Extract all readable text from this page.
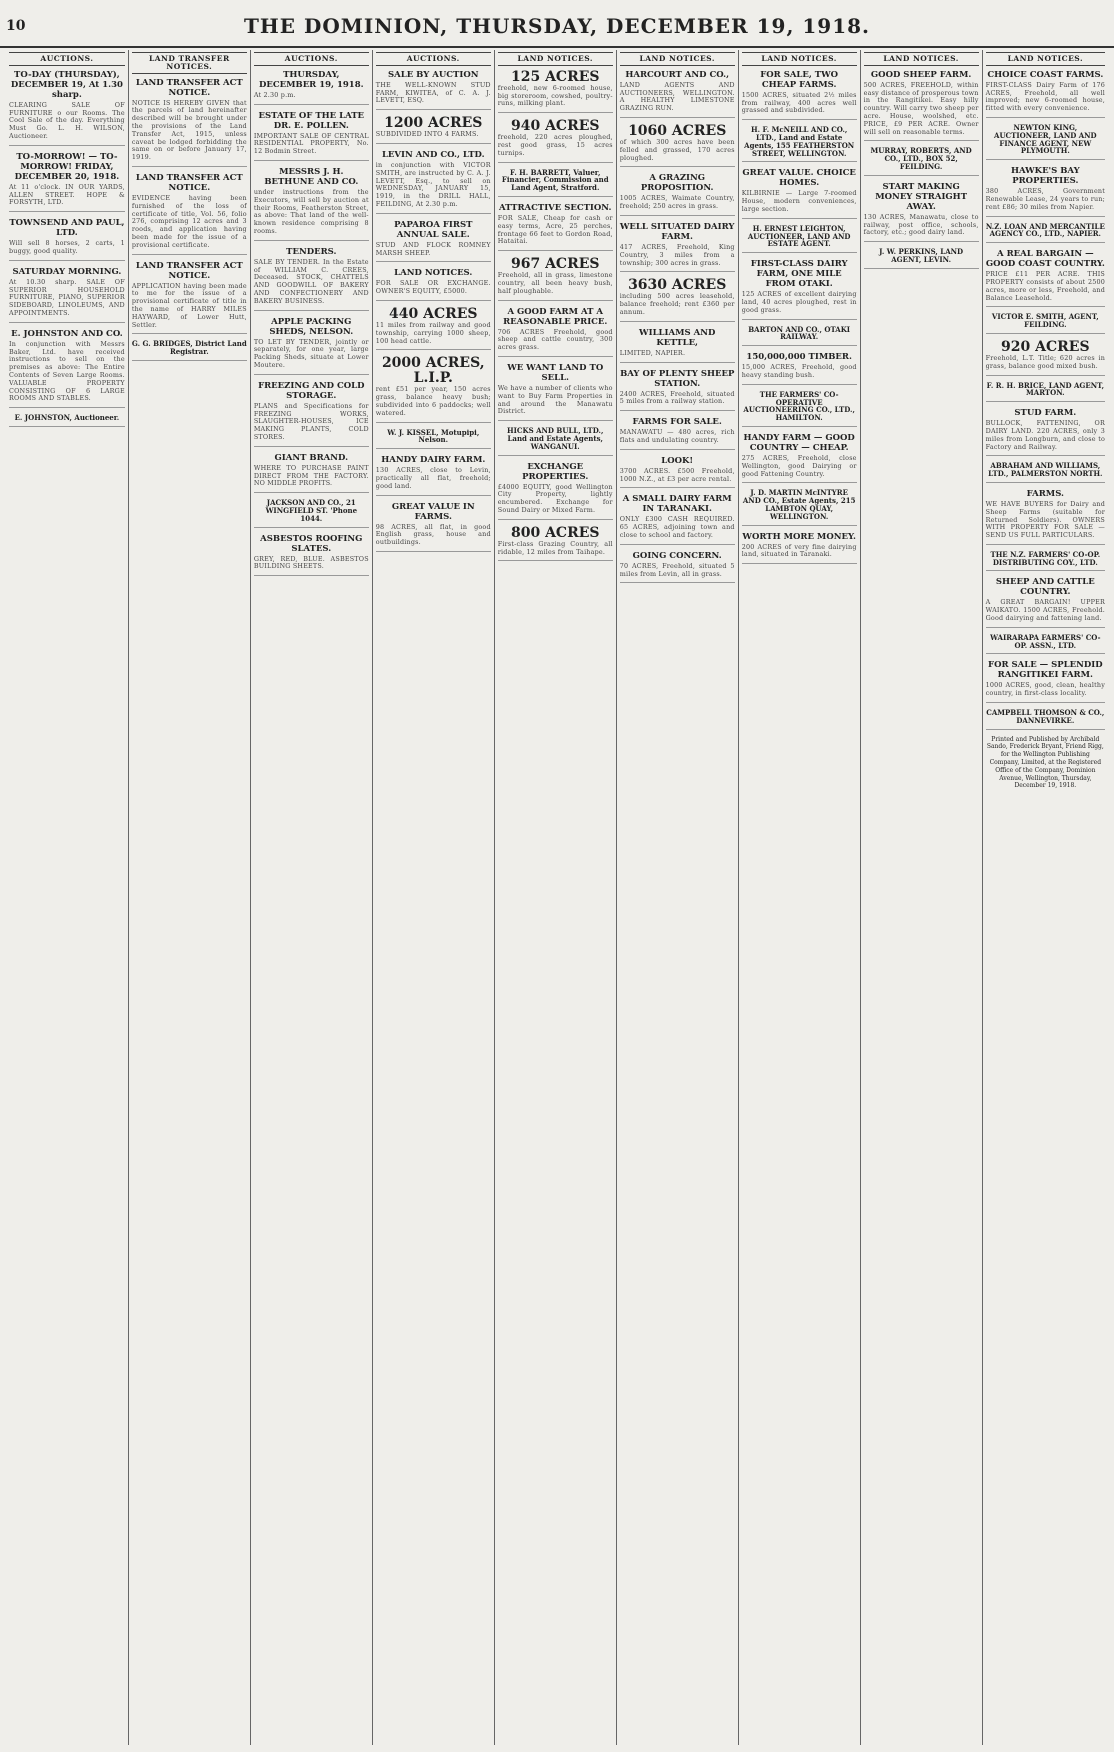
10	THE DOMINION, THURSDAY, DECEMBER 19, 1918.
AUCTIONS.
TO-DAY (THURSDAY), DECEMBER 19, At 1.30 sharp.
CLEARING SALE OF FURNITURE o our Rooms. The Cool Sale of the day. Everything Must Go. L. H. WILSON, Auctioneer.
TO-MORROW! — TO-MORROW! FRIDAY, DECEMBER 20, 1918.
At 11 o'clock. IN OUR YARDS, ALLEN STREET. HOPE & FORSYTH, LTD.
TOWNSEND AND PAUL, LTD.
Will sell 8 horses, 2 carts, 1 buggy, good quality.
SATURDAY MORNING.
At 10.30 sharp. SALE OF SUPERIOR HOUSEHOLD FURNITURE, PIANO, SUPERIOR SIDEBOARD, LINOLEUMS, AND APPOINTMENTS.
E. JOHNSTON AND CO.
In conjunction with Messrs Baker, Ltd. have received instructions to sell on the premises as above: The Entire Contents of Seven Large Rooms. VALUABLE PROPERTY CONSISTING OF 6 LARGE ROOMS AND STABLES.
E. JOHNSTON, Auctioneer.
LAND TRANSFER NOTICES.
LAND TRANSFER ACT NOTICE.
NOTICE IS HEREBY GIVEN that the parcels of land hereinafter described will be brought under the provisions of the Land Transfer Act, 1915, unless caveat be lodged forbidding the same on or before January 17, 1919.
LAND TRANSFER ACT NOTICE.
EVIDENCE having been furnished of the loss of certificate of title, Vol. 56, folio 276, comprising 12 acres and 3 roods, and application having been made for the issue of a provisional certificate.
LAND TRANSFER ACT NOTICE.
APPLICATION having been made to me for the issue of a provisional certificate of title in the name of HARRY MILES HAYWARD, of Lower Hutt, Settler.
G. G. BRIDGES, District Land Registrar.
AUCTIONS.
THURSDAY, DECEMBER 19, 1918.
At 2.30 p.m.
ESTATE OF THE LATE DR. E. POLLEN.
IMPORTANT SALE OF CENTRAL RESIDENTIAL PROPERTY, No. 12 Bodmin Street.
MESSRS J. H. BETHUNE AND CO.
under instructions from the Executors, will sell by auction at their Rooms, Featherston Street, as above: That land of the well-known residence comprising 8 rooms.
TENDERS.
SALE BY TENDER. In the Estate of WILLIAM C. CREES, Deceased. STOCK, CHATTELS AND GOODWILL OF BAKERY AND CONFECTIONERY AND BAKERY BUSINESS.
APPLE PACKING SHEDS, NELSON.
TO LET BY TENDER, jointly or separately, for one year, large Packing Sheds, situate at Lower Moutere.
FREEZING AND COLD STORAGE.
PLANS and Specifications for FREEZING WORKS, SLAUGHTER-HOUSES, ICE MAKING PLANTS, COLD STORES.
GIANT BRAND.
WHERE TO PURCHASE PAINT DIRECT FROM THE FACTORY. NO MIDDLE PROFITS.
JACKSON AND CO., 21 WINGFIELD ST. 'Phone 1044.
ASBESTOS ROOFING SLATES.
GREY, RED, BLUE. ASBESTOS BUILDING SHEETS.
AUCTIONS.
SALE BY AUCTION
THE WELL-KNOWN STUD FARM, KIWITEA, of C. A. J. LEVETT, ESQ.
1200 ACRES
SUBDIVIDED INTO 4 FARMS.
LEVIN AND CO., LTD.
in conjunction with VICTOR SMITH, are instructed by C. A. J. LEVETT, Esq., to sell on WEDNESDAY, JANUARY 15, 1919, in the DRILL HALL, FEILDING, At 2.30 p.m.
PAPAROA FIRST ANNUAL SALE.
STUD AND FLOCK ROMNEY MARSH SHEEP.
LAND NOTICES.
FOR SALE OR EXCHANGE. OWNER'S EQUITY, £5000.
440 ACRES
11 miles from railway and good township, carrying 1000 sheep, 100 head cattle.
2000 ACRES, L.I.P.
rent £51 per year, 150 acres grass, balance heavy bush; subdivided into 6 paddocks; well watered.
W. J. KISSEL, Motupipi, Nelson.
HANDY DAIRY FARM.
130 ACRES, close to Levin, practically all flat, freehold; good land.
GREAT VALUE IN FARMS.
98 ACRES, all flat, in good English grass, house and outbuildings.
LAND NOTICES.
125 ACRES
freehold, new 6-roomed house, big storeroom, cowshed, poultry-runs, milking plant.
940 ACRES
freehold, 220 acres ploughed, rest good grass, 15 acres turnips.
F. H. BARRETT, Valuer, Financier, Commission and Land Agent, Stratford.
ATTRACTIVE SECTION.
FOR SALE, Cheap for cash or easy terms, Acre, 25 perches, frontage 66 feet to Gordon Road, Hataitai.
967 ACRES
Freehold, all in grass, limestone country, all been heavy bush, half ploughable.
A GOOD FARM AT A REASONABLE PRICE.
706 ACRES Freehold, good sheep and cattle country, 300 acres grass.
WE WANT LAND TO SELL.
We have a number of clients who want to Buy Farm Properties in and around the Manawatu District.
HICKS AND BULL, LTD., Land and Estate Agents, WANGANUI.
EXCHANGE PROPERTIES.
£4000 EQUITY, good Wellington City Property, lightly encumbered. Exchange for Sound Dairy or Mixed Farm.
800 ACRES
First-class Grazing Country, all ridable, 12 miles from Taihape.
LAND NOTICES.
HARCOURT AND CO.,
LAND AGENTS AND AUCTIONEERS, WELLINGTON. A HEALTHY LIMESTONE GRAZING RUN.
1060 ACRES
of which 300 acres have been felled and grassed, 170 acres ploughed.
A GRAZING PROPOSITION.
1005 ACRES, Waimate Country, freehold; 250 acres in grass.
WELL SITUATED DAIRY FARM.
417 ACRES, Freehold, King Country, 3 miles from a township; 300 acres in grass.
3630 ACRES
including 500 acres leasehold, balance freehold; rent £360 per annum.
WILLIAMS AND KETTLE,
LIMITED, NAPIER.
BAY OF PLENTY SHEEP STATION.
2400 ACRES, Freehold, situated 5 miles from a railway station.
FARMS FOR SALE.
MANAWATU — 480 acres, rich flats and undulating country.
LOOK!
3700 ACRES. £500 Freehold, 1000 N.Z., at £3 per acre rental.
A SMALL DAIRY FARM IN TARANAKI.
ONLY £300 CASH REQUIRED. 65 ACRES, adjoining town and close to school and factory.
GOING CONCERN.
70 ACRES, Freehold, situated 5 miles from Levin, all in grass.
LAND NOTICES.
FOR SALE, TWO CHEAP FARMS.
1500 ACRES, situated 2½ miles from railway, 400 acres well grassed and subdivided.
H. F. McNEILL AND CO., LTD., Land and Estate Agents, 155 FEATHERSTON STREET, WELLINGTON.
GREAT VALUE. CHOICE HOMES.
KILBIRNIE — Large 7-roomed House, modern conveniences, large section.
H. ERNEST LEIGHTON, AUCTIONEER, LAND AND ESTATE AGENT.
FIRST-CLASS DAIRY FARM, ONE MILE FROM OTAKI.
125 ACRES of excellent dairying land, 40 acres ploughed, rest in good grass.
BARTON AND CO., OTAKI RAILWAY.
150,000,000 TIMBER.
15,000 ACRES, Freehold, good heavy standing bush.
THE FARMERS' CO-OPERATIVE AUCTIONEERING CO., LTD., HAMILTON.
HANDY FARM — GOOD COUNTRY — CHEAP.
275 ACRES, Freehold, close Wellington, good Dairying or good Fattening Country.
J. D. MARTIN McINTYRE AND CO., Estate Agents, 215 LAMBTON QUAY, WELLINGTON.
WORTH MORE MONEY.
200 ACRES of very fine dairying land, situated in Taranaki.
LAND NOTICES.
GOOD SHEEP FARM.
500 ACRES, FREEHOLD, within easy distance of prosperous town in the Rangitikei. Easy hilly country. Will carry two sheep per acre. House, woolshed, etc. PRICE, £9 PER ACRE. Owner will sell on reasonable terms.
MURRAY, ROBERTS, AND CO., LTD., BOX 52, FEILDING.
START MAKING MONEY STRAIGHT AWAY.
130 ACRES, Manawatu, close to railway, post office, schools, factory, etc.; good dairy land.
J. W. PERKINS, LAND AGENT, LEVIN.
LAND NOTICES.
CHOICE COAST FARMS.
FIRST-CLASS Dairy Farm of 176 ACRES, Freehold, all well improved; new 6-roomed house, fitted with every convenience.
NEWTON KING, AUCTIONEER, LAND AND FINANCE AGENT, NEW PLYMOUTH.
HAWKE'S BAY PROPERTIES.
380 ACRES, Government Renewable Lease, 24 years to run; rent £86; 30 miles from Napier.
N.Z. LOAN AND MERCANTILE AGENCY CO., LTD., NAPIER.
A REAL BARGAIN — GOOD COAST COUNTRY.
PRICE £11 PER ACRE. THIS PROPERTY consists of about 2500 acres, more or less, Freehold, and Balance Leasehold.
VICTOR E. SMITH, AGENT, FEILDING.
920 ACRES
Freehold, L.T. Title; 620 acres in grass, balance good mixed bush.
F. R. H. BRICE, LAND AGENT, MARTON.
STUD FARM.
BULLOCK, FATTENING, OR DAIRY LAND. 220 ACRES, only 3 miles from Longburn, and close to Factory and Railway.
ABRAHAM AND WILLIAMS, LTD., PALMERSTON NORTH.
FARMS.
WE HAVE BUYERS for Dairy and Sheep Farms (suitable for Returned Soldiers). OWNERS WITH PROPERTY FOR SALE — SEND US FULL PARTICULARS.
THE N.Z. FARMERS' CO-OP. DISTRIBUTING COY., LTD.
SHEEP AND CATTLE COUNTRY.
A GREAT BARGAIN! UPPER WAIKATO. 1500 ACRES, Freehold. Good dairying and fattening land.
WAIRARAPA FARMERS' CO-OP. ASSN., LTD.
FOR SALE — SPLENDID RANGITIKEI FARM.
1000 ACRES, good, clean, healthy country, in first-class locality.
CAMPBELL THOMSON & CO., DANNEVIRKE.
Printed and Published by Archibald Sando, Frederick Bryant, Friend Rigg, for the Wellington Publishing Company, Limited, at the Registered Office of the Company, Dominion Avenue, Wellington, Thursday, December 19, 1918.
